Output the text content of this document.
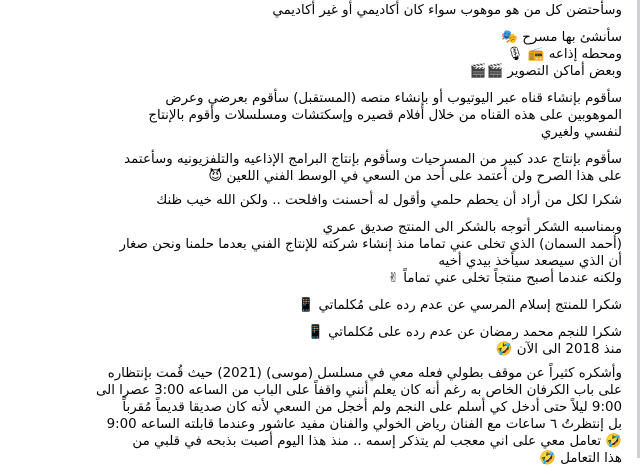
وسأحتضن كل من هو موهوب سواء كان أكاديمي أو غير أكاديمي

سأنشئ بها مسرح 🎭

ومحطه إذاعه 📻 🎙

وبعض أماكن التصوير 🎬🎬

سأقوم بإنشاء قناه عبر اليوتيوب أو بإنشاء منصه (المستقبل) سأقوم بعرضي وعرض

الموهوبين على هذه القناه من خلال أفلام قصيره وإسكتشات ومسلسلات وأقوم بالإنتاج

لنفسي ولغيري

سأقوم بإنتاج عدد كبير من المسرحيات وسأقوم بإنتاج البرامج الإذاعيه والتلفزيونيه وسأعتمد

على هذا الصرح ولن أعتمد على أحد من السعي في الوسط الفني اللعين 😈

شكرا لكل من أراد أن يحطم حلمي وأقول له أحسنت وافلحت .. ولكن الله خيب ظنك

وبمناسبه الشكر أتوجه بالشكر الى المنتج صديق عمري

(أحمد السمان) الذي تخلى عني تماما منذ إنشاء شركته للإنتاج الفني بعدما حلمنا ونحن صغار

أن الذي سيصعد سيأخذ بيدي أخيه

ولكنه عندما أصبح منتجاً تخلى عني تماماً ✌

شكرا للمنتج إسلام المرسي عن عدم رده على مُكلماتي 📱

شكرا للنجم محمد رمضان عن عدم رده على مُكلماتي 📱

منذ 2018 الى الآن 🤣

وأشكره كثيراً عن موقف بطولي فعله معي في مسلسل (موسى) (2021) حيث قُمت بإنتظاره

على باب الكرفان الخاص به رغم أنه كان يعلم أنني واقفاً على الباب من الساعه 3:00 عصرا الى

9:00 ليلاً حتى أدخل كي أسلم على النجم ولم أخجل من السعي لأنه كان صديقا قديماً مُقرباً

بل إنتظرتُ ٦ ساعات مع الفنان رياض الخولي والفنان مفيد عاشور وعندما قابلته الساعه 9:00

🤣 تعامل معي على اني معجب لم يتذكر إسمه .. منذ هذا اليوم أصبت بذبحه في قلبي من

هذا التعامل 🤣
